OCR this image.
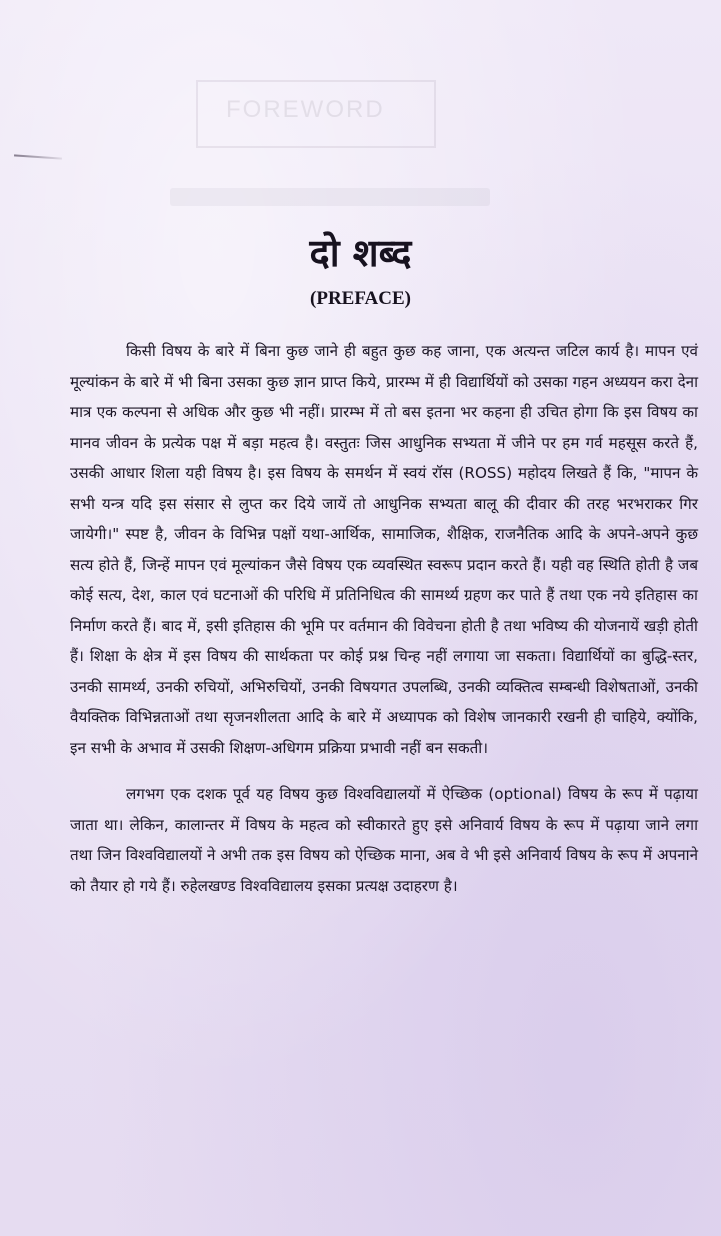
FOREWORD
दो शब्द
(PREFACE)

किसी विषय के बारे में बिना कुछ जाने ही बहुत कुछ कह जाना, एक अत्यन्त जटिल कार्य है। मापन एवं मूल्यांकन के बारे में भी बिना उसका कुछ ज्ञान प्राप्त किये, प्रारम्भ में ही विद्यार्थियों को उसका गहन अध्ययन करा देना मात्र एक कल्पना से अधिक और कुछ भी नहीं। प्रारम्भ में तो बस इतना भर कहना ही उचित होगा कि इस विषय का मानव जीवन के प्रत्येक पक्ष में बड़ा महत्व है। वस्तुतः जिस आधुनिक सभ्यता में जीने पर हम गर्व महसूस करते हैं, उसकी आधार शिला यही विषय है। इस विषय के समर्थन में स्वयं रॉस (ROSS) महोदय लिखते हैं कि, "मापन के सभी यन्त्र यदि इस संसार से लुप्त कर दिये जायें तो आधुनिक सभ्यता बालू की दीवार की तरह भरभराकर गिर जायेगी।" स्पष्ट है, जीवन के विभिन्न पक्षों यथा-आर्थिक, सामाजिक, शैक्षिक, राजनैतिक आदि के अपने-अपने कुछ सत्य होते हैं, जिन्हें मापन एवं मूल्यांकन जैसे विषय एक व्यवस्थित स्वरूप प्रदान करते हैं। यही वह स्थिति होती है जब कोई सत्य, देश, काल एवं घटनाओं की परिधि में प्रतिनिधित्व की सामर्थ्य ग्रहण कर पाते हैं तथा एक नये इतिहास का निर्माण करते हैं। बाद में, इसी इतिहास की भूमि पर वर्तमान की विवेचना होती है तथा भविष्य की योजनायें खड़ी होती हैं। शिक्षा के क्षेत्र में इस विषय की सार्थकता पर कोई प्रश्न चिन्ह नहीं लगाया जा सकता। विद्यार्थियों का बुद्धि-स्तर, उनकी सामर्थ्य, उनकी रुचियों, अभिरुचियों, उनकी विषयगत उपलब्धि, उनकी व्यक्तित्व सम्बन्धी विशेषताओं, उनकी वैयक्तिक विभिन्नताओं तथा सृजनशीलता आदि के बारे में अध्यापक को विशेष जानकारी रखनी ही चाहिये, क्योंकि, इन सभी के अभाव में उसकी शिक्षण-अधिगम प्रक्रिया प्रभावी नहीं बन सकती।

लगभग एक दशक पूर्व यह विषय कुछ विश्वविद्यालयों में ऐच्छिक (optional) विषय के रूप में पढ़ाया जाता था। लेकिन, कालान्तर में विषय के महत्व को स्वीकारते हुए इसे अनिवार्य विषय के रूप में पढ़ाया जाने लगा तथा जिन विश्वविद्यालयों ने अभी तक इस विषय को ऐच्छिक माना, अब वे भी इसे अनिवार्य विषय के रूप में अपनाने को तैयार हो गये हैं। रुहेलखण्ड विश्वविद्यालय इसका प्रत्यक्ष उदाहरण है।
